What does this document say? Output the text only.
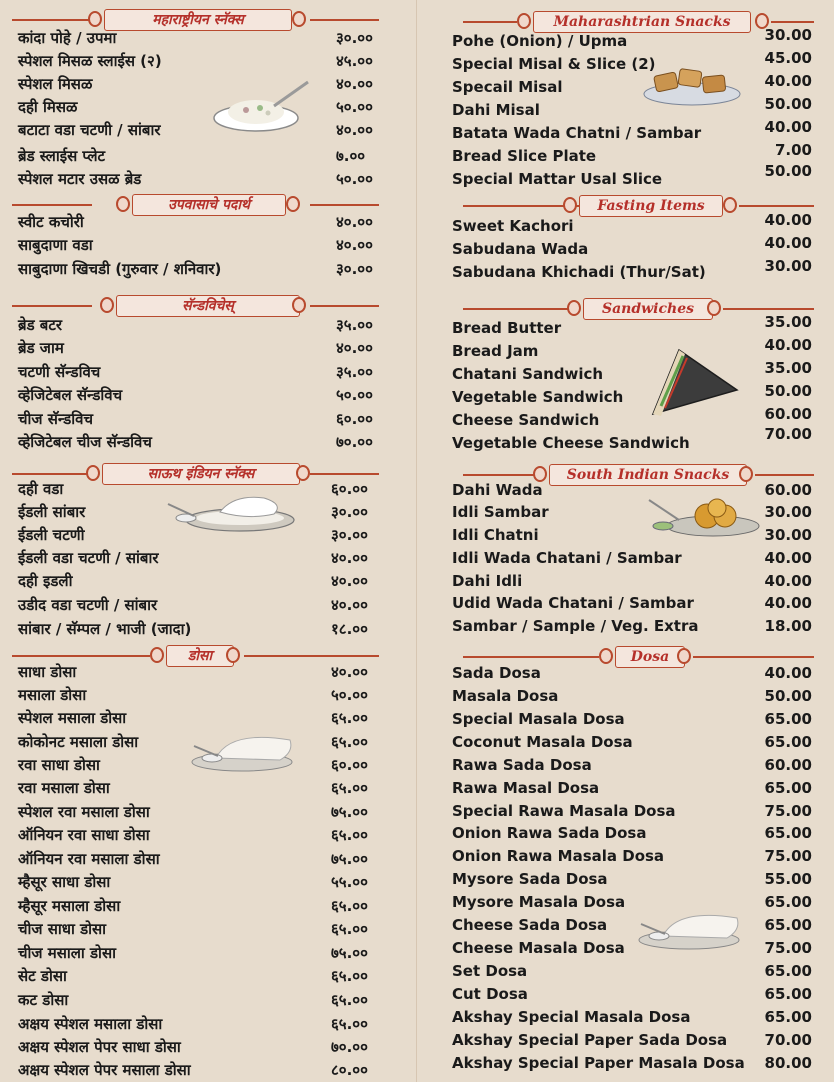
महाराष्ट्रीयन स्नॅक्स
कांदा पोहे / उपमा	३०.००
स्पेशल मिसळ स्लाईस (२)	४५.००
स्पेशल मिसळ	४०.००
दही मिसळ	५०.००
बटाटा वडा चटणी / सांबार	४०.००
ब्रेड स्लाईस प्लेट	७.००
स्पेशल मटार उसळ ब्रेड	५०.००
उपवासाचे पदार्थ
स्वीट कचोरी	४०.००
साबुदाणा वडा	४०.००
साबुदाणा खिचडी (गुरुवार / शनिवार)	३०.००
सॅन्डविचेस्
ब्रेड बटर	३५.००
ब्रेड जाम	४०.००
चटणी सॅन्डविच	३५.००
व्हेजिटेबल सॅन्डविच	५०.००
चीज सॅन्डविच	६०.००
व्हेजिटेबल चीज सॅन्डविच	७०.००
साऊथ इंडियन स्नॅक्स
दही वडा	६०.००
ईडली सांबार	३०.००
ईडली चटणी	३०.००
ईडली वडा चटणी / सांबार	४०.००
दही इडली	४०.००
उडीद वडा चटणी / सांबार	४०.००
सांबार / सॅम्पल / भाजी (जादा)	१८.००
डोसा
साधा डोसा	४०.००
मसाला डोसा	५०.००
स्पेशल मसाला डोसा	६५.००
कोकोनट मसाला डोसा	६५.००
रवा साधा डोसा	६०.००
रवा मसाला डोसा	६५.००
स्पेशल रवा मसाला डोसा	७५.००
ऑनियन रवा साधा डोसा	६५.००
ऑनियन रवा मसाला डोसा	७५.००
म्हैसूर साधा डोसा	५५.००
म्हैसूर मसाला डोसा	६५.००
चीज साधा डोसा	६५.००
चीज मसाला डोसा	७५.००
सेट डोसा	६५.००
कट डोसा	६५.००
अक्षय स्पेशल मसाला डोसा	६५.००
अक्षय स्पेशल पेपर साधा डोसा	७०.००
अक्षय स्पेशल पेपर मसाला डोसा	८०.००
Maharashtrian Snacks
Pohe (Onion) / Upma	30.00
Special Misal & Slice (2)	45.00
Specail Misal	40.00
Dahi Misal	50.00
Batata Wada Chatni / Sambar	40.00
Bread Slice Plate	7.00
Special Mattar Usal Slice	50.00
Fasting Items
Sweet Kachori	40.00
Sabudana Wada	40.00
Sabudana Khichadi (Thur/Sat)	30.00
Sandwiches
Bread Butter	35.00
Bread Jam	40.00
Chatani Sandwich	35.00
Vegetable Sandwich	50.00
Cheese Sandwich	60.00
Vegetable Cheese Sandwich	70.00
South Indian Snacks
Dahi Wada	60.00
Idli Sambar	30.00
Idli Chatni	30.00
Idli Wada Chatani / Sambar	40.00
Dahi Idli	40.00
Udid Wada Chatani / Sambar	40.00
Sambar / Sample / Veg. Extra	18.00
Dosa
Sada Dosa	40.00
Masala Dosa	50.00
Special Masala Dosa	65.00
Coconut Masala Dosa	65.00
Rawa Sada Dosa	60.00
Rawa Masal Dosa	65.00
Special Rawa Masala Dosa	75.00
Onion Rawa Sada Dosa	65.00
Onion Rawa Masala Dosa	75.00
Mysore Sada Dosa	55.00
Mysore Masala Dosa	65.00
Cheese Sada Dosa	65.00
Cheese Masala Dosa	75.00
Set Dosa	65.00
Cut Dosa	65.00
Akshay Special Masala Dosa	65.00
Akshay Special Paper Sada Dosa 70.00
Akshay Special Paper Masala Dosa 80.00
